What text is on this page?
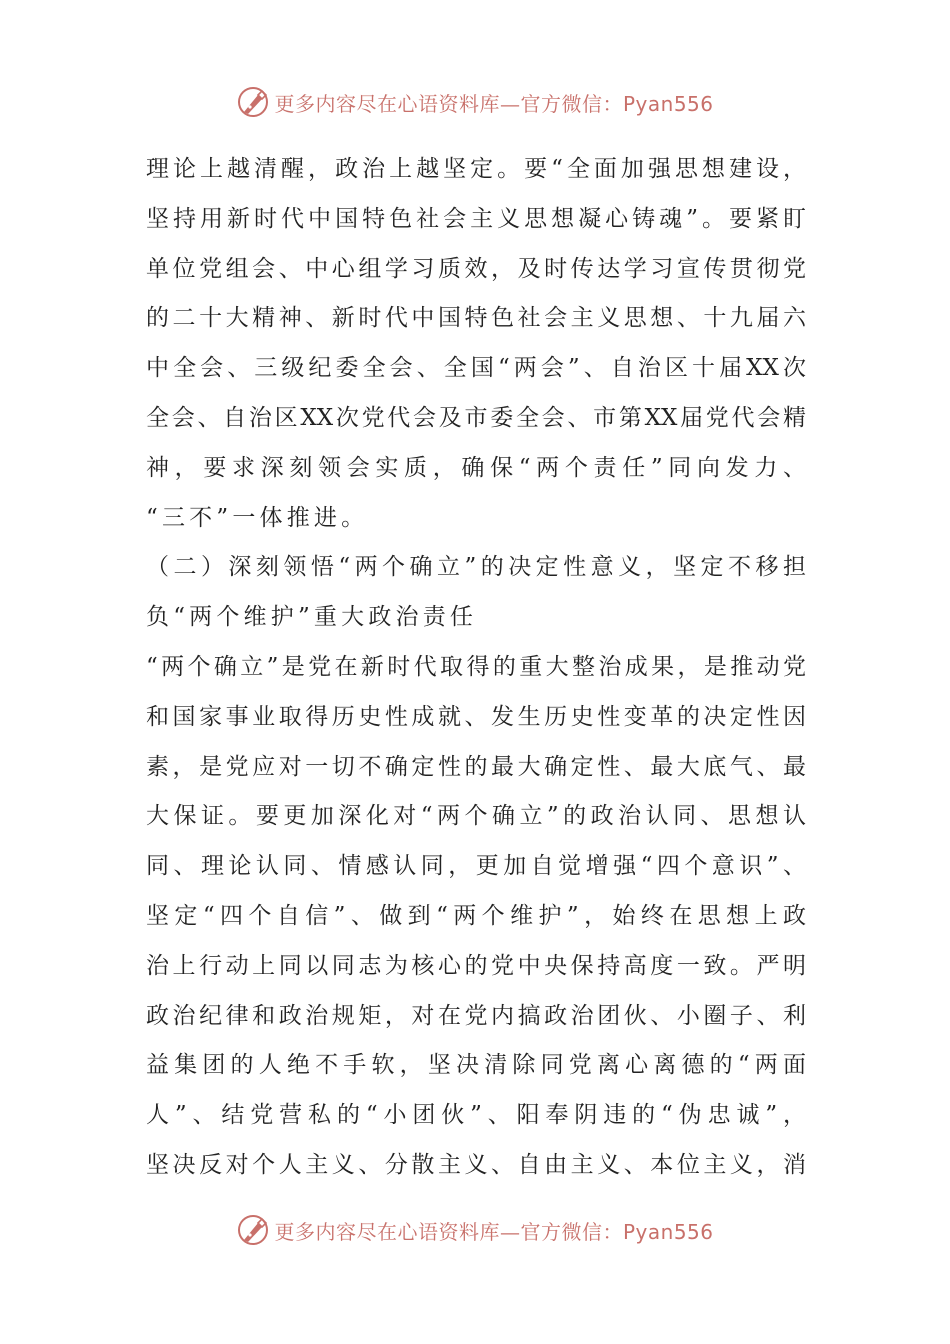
更多内容尽在心语资料库—官方微信：Pyan556
理论上越清醒，政治上越坚定。要“全面加强思想建设，
坚持用新时代中国特色社会主义思想凝心铸魂”。要紧盯
单位党组会、中心组学习质效，及时传达学习宣传贯彻党
的二十大精神、新时代中国特色社会主义思想、十九届六
中全会、三级纪委全会、全国“两会”、自治区十届XX次
全会、自治区XX次党代会及市委全会、市第XX届党代会精
神，要求深刻领会实质，确保“两个责任”同向发力、
“三不”一体推进。
（二）深刻领悟“两个确立”的决定性意义，坚定不移担
负“两个维护”重大政治责任
“两个确立”是党在新时代取得的重大整治成果，是推动党
和国家事业取得历史性成就、发生历史性变革的决定性因
素，是党应对一切不确定性的最大确定性、最大底气、最
大保证。要更加深化对“两个确立”的政治认同、思想认
同、理论认同、情感认同，更加自觉增强“四个意识”、
坚定“四个自信”、做到“两个维护”，始终在思想上政
治上行动上同以同志为核心的党中央保持高度一致。严明
政治纪律和政治规矩，对在党内搞政治团伙、小圈子、利
益集团的人绝不手软，坚决清除同党离心离德的“两面
人”、结党营私的“小团伙”、阳奉阴违的“伪忠诚”，
坚决反对个人主义、分散主义、自由主义、本位主义，消
更多内容尽在心语资料库—官方微信：Pyan556
